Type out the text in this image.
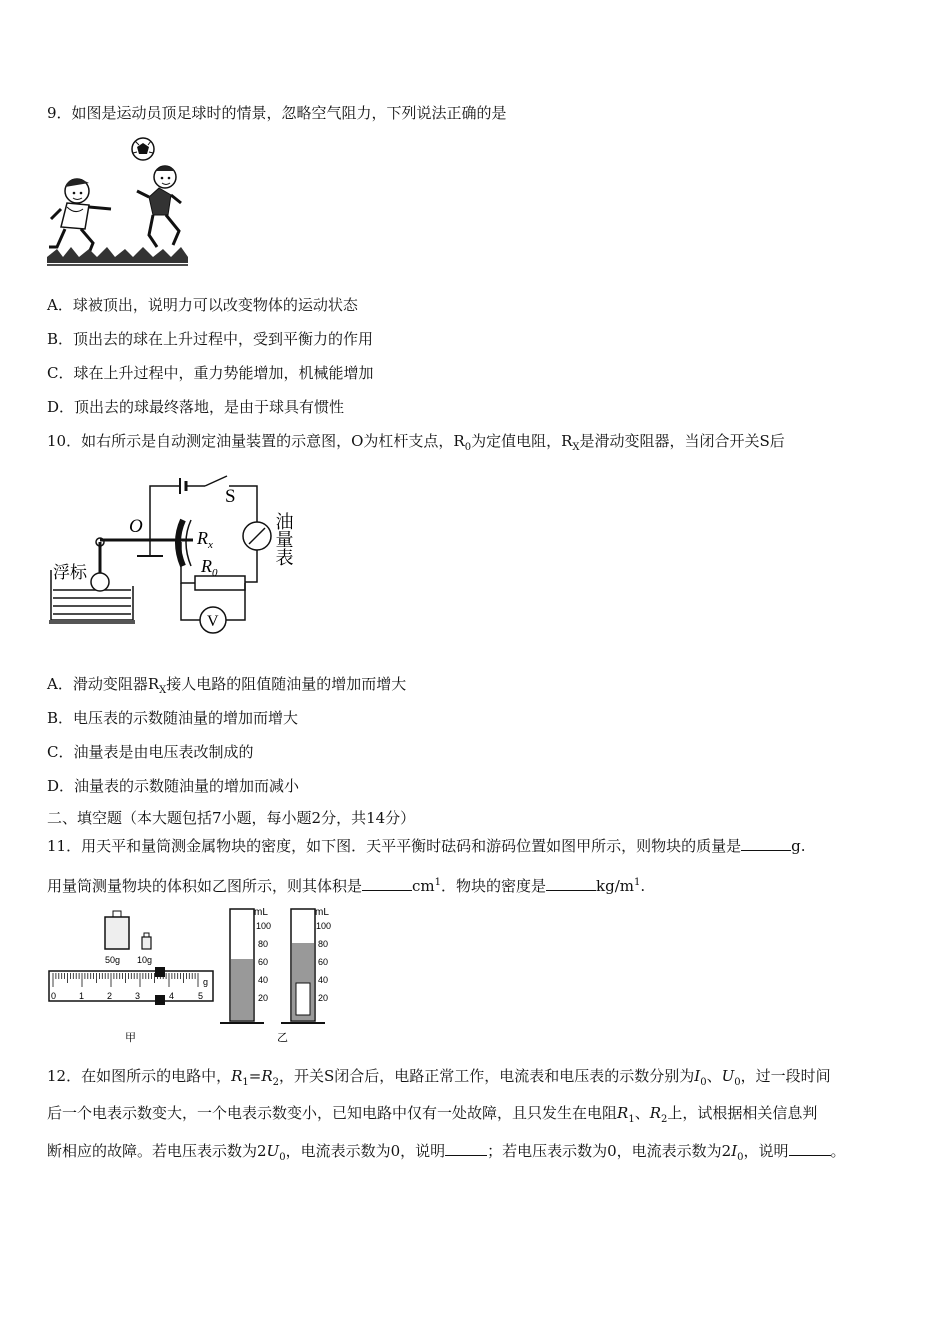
9．如图是运动员顶足球时的情景，忽略空气阻力，下列说法正确的是
A．球被顶出，说明力可以改变物体的运动状态
B．顶出去的球在上升过程中，受到平衡力的作用
C．球在上升过程中，重力势能增加，机械能增加
D．顶出去的球最终落地，是由于球具有惯性
10．如右所示是自动测定油量装置的示意图，O为杠杆支点，$R_0$为定值电阻，$R_X$是滑动变阻器，当闭合开关S后
S
O
$R_x$
$R_0$
V
浮标
油量表
A．滑动变阻器$R_X$接人电路的阻值随油量的增加而增大
B．电压表的示数随油量的增加而增大
C．油量表是由电压表改制成的
D．油量表的示数随油量的增加而减小
二、填空题（本大题包括7小题，每小题2分，共14分）
11．用天平和量筒测金属物块的密度，如下图．天平平衡时砝码和游码位置如图甲所示，则物块的质量是	g.
用量筒测量物块的体积如乙图所示，则其体积是	$cm^1$．物块的密度是	$kg/m^1$.
50g 10g
0	1	2	3	4	5
g
甲
mL
100
80
60
40
20
mL
100
80
60
40
20
乙
12．在如图所示的电路中，$R_1=R_2$，开关S闭合后，电路正常工作，电流表和电压表的示数分别为$I_0$、$U_0$，过一段时间
后一个电表示数变大，一个电表示数变小，已知电路中仅有一处故障，且只发生在电阻$R_1$、$R_2$上，试根据相关信息判
断相应的故障。若电压表示数为$2U_0$，电流表示数为0，说明	；若电压表示数为0，电流表示数为$2I_0$，说明	。
